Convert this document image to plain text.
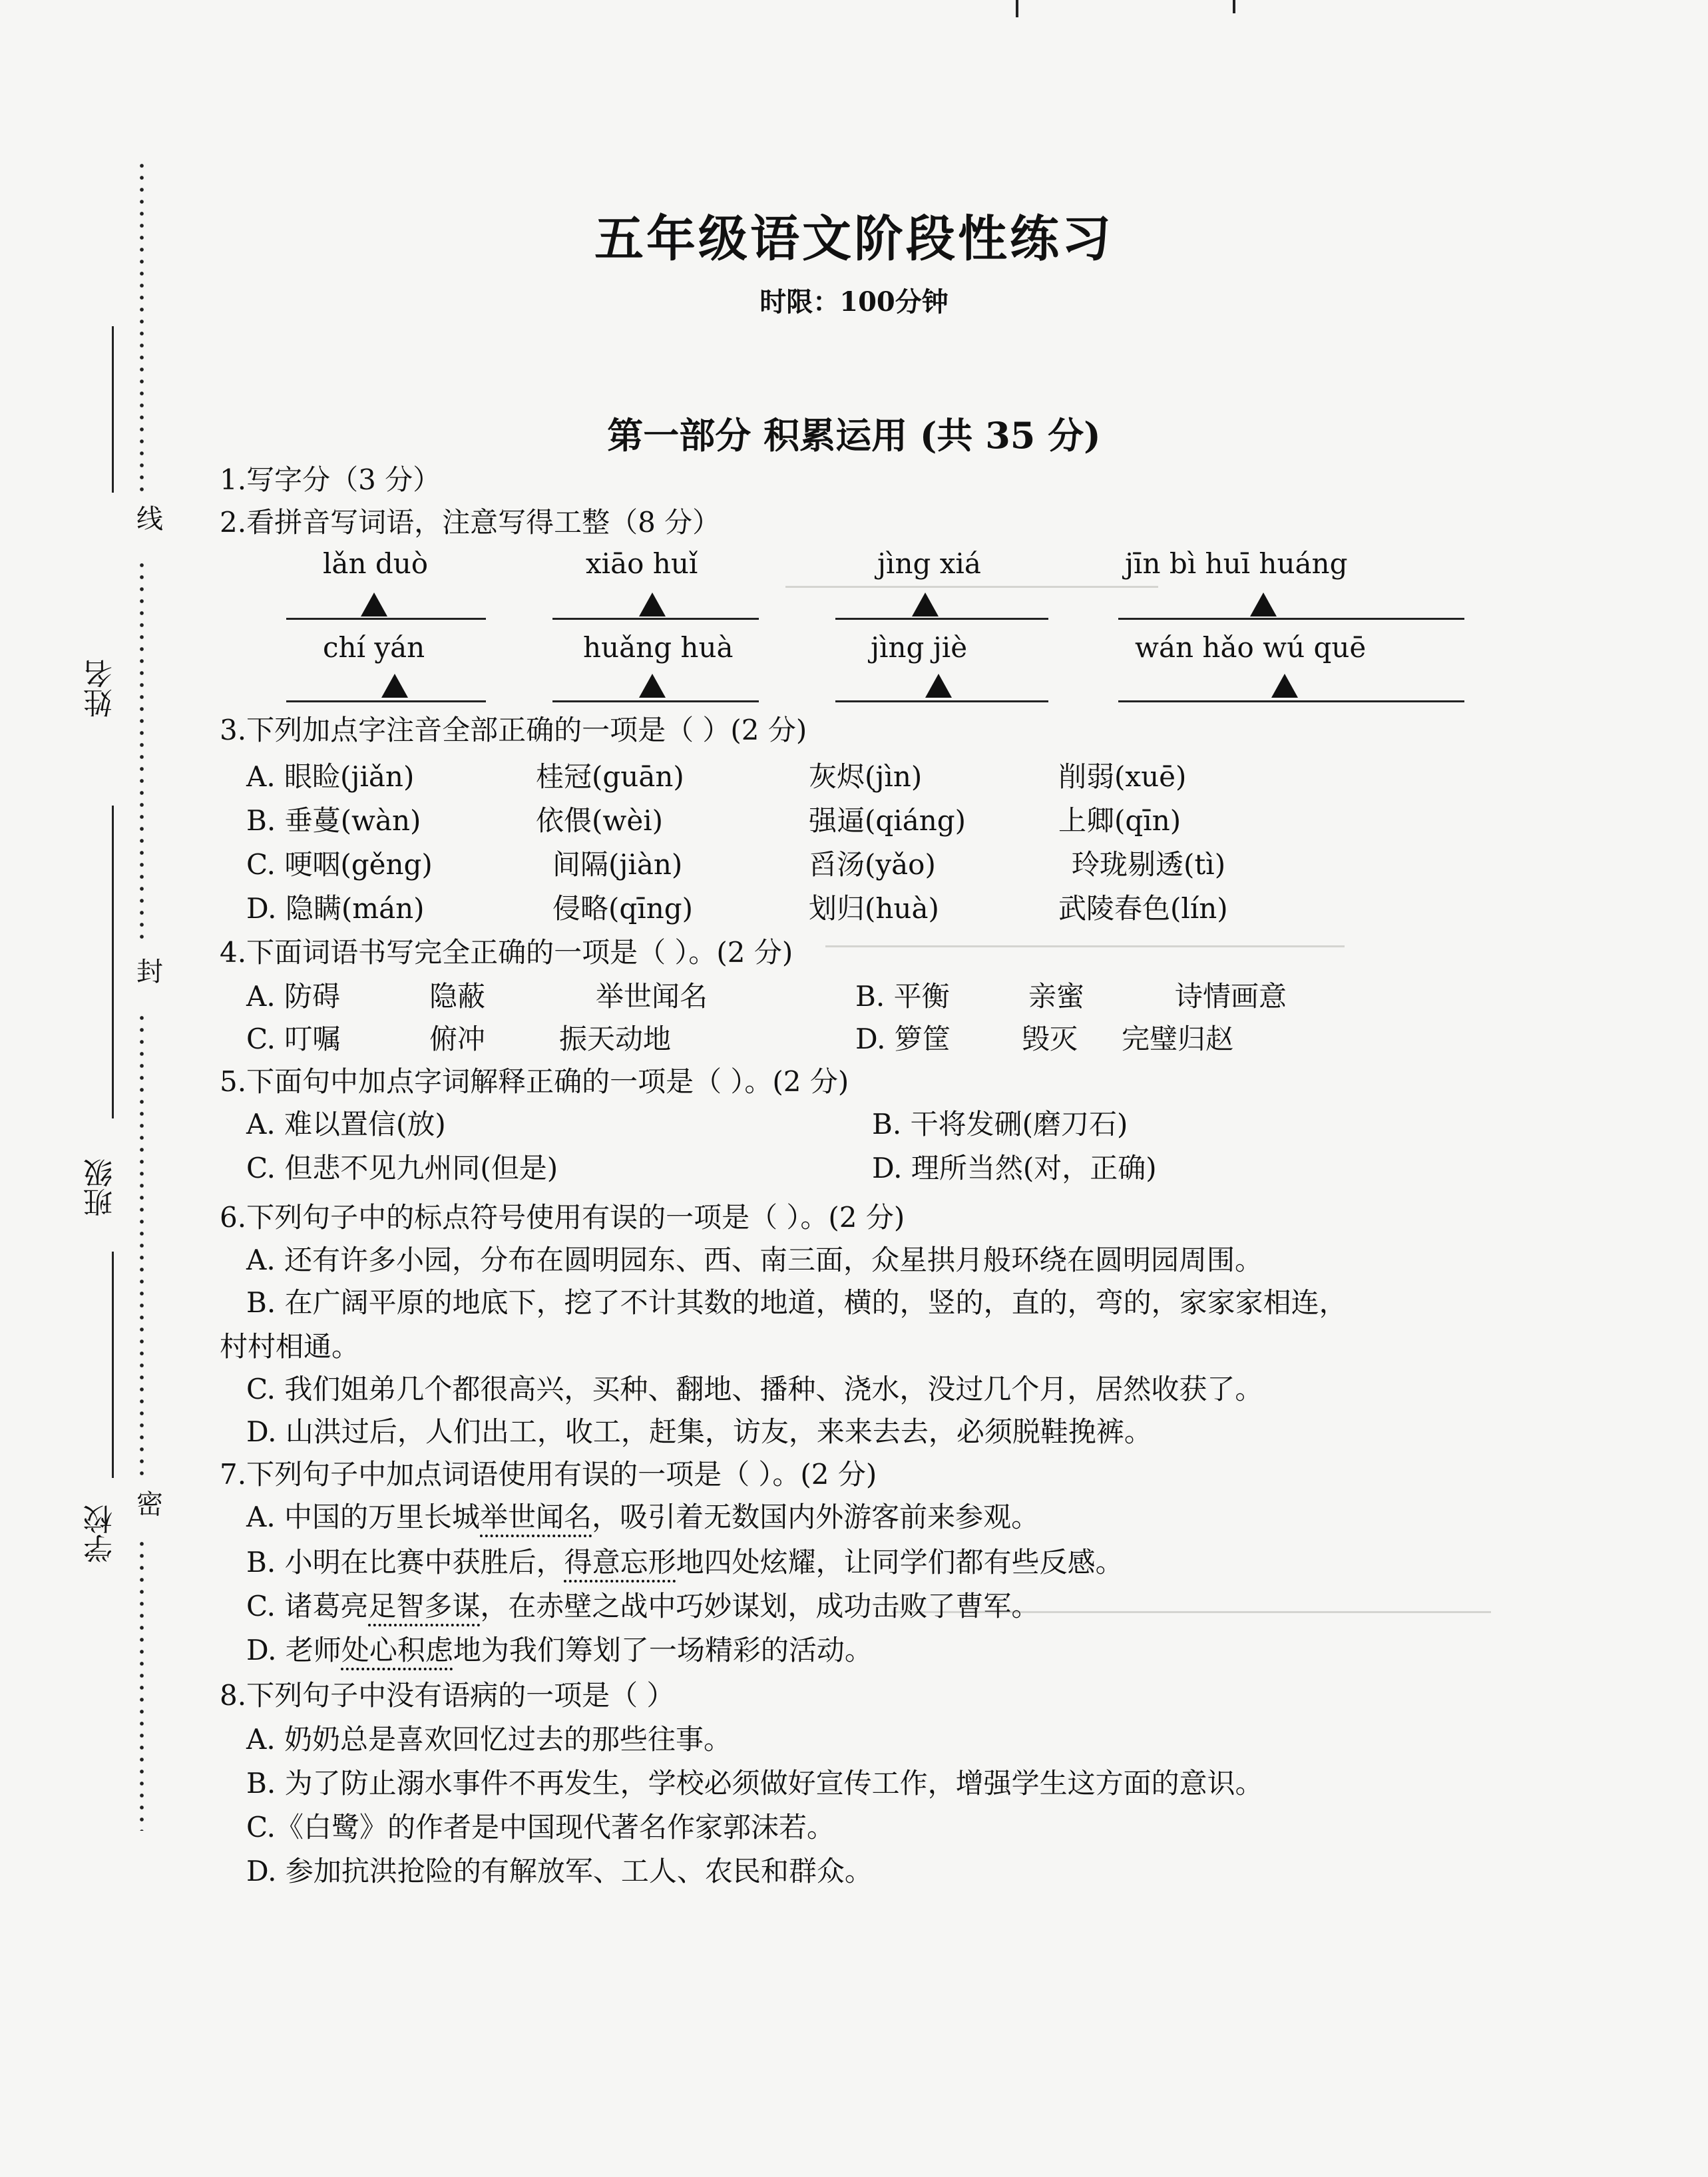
线
封
密
姓名
班级
学校
五年级语文阶段性练习
时限：100分钟
第一部分 积累运用 (共 35 分)
1.写字分（3 分）
2.看拼音写词语，注意写得工整（8 分）
lǎn duò	xiāo huǐ	jìng xiá	jīn bì huī huáng
chí yán	huǎng huà	jìng jiè	wán hǎo wú quē
3.下列加点字注音全部正确的一项是（ ）(2 分)
A. 眼睑(jiǎn)	桂冠(guān)	灰烬(jìn)	削弱(xuē)
B. 垂蔓(wàn)	依偎(wèi)	强逼(qiáng)	上卿(qīn)
C. 哽咽(gěng)	间隔(jiàn)	舀汤(yǎo)	玲珑剔透(tì)
D. 隐瞒(mán)	侵略(qīng)	划归(huà)	武陵春色(lín)
4.下面词语书写完全正确的一项是（ ）。(2 分)
A. 防碍	隐蔽	举世闻名	B. 平衡	亲蜜	诗情画意
C. 叮嘱	俯冲	振天动地	D. 箩筐	毁灭 完璧归赵
5.下面句中加点字词解释正确的一项是（ ）。(2 分)
A. 难以置信(放)	B. 干将发硎(磨刀石)
C. 但悲不见九州同(但是)	D. 理所当然(对，正确)
6.下列句子中的标点符号使用有误的一项是（ ）。(2 分)
A. 还有许多小园，分布在圆明园东、西、南三面，众星拱月般环绕在圆明园周围。
B. 在广阔平原的地底下，挖了不计其数的地道，横的，竖的，直的，弯的，家家家相连，
村村相通。
C. 我们姐弟几个都很高兴，买种、翻地、播种、浇水，没过几个月，居然收获了。
D. 山洪过后，人们出工，收工，赶集，访友，来来去去，必须脱鞋挽裤。
7.下列句子中加点词语使用有误的一项是（ ）。(2 分)
A. 中国的万里长城举世闻名，吸引着无数国内外游客前来参观。
B. 小明在比赛中获胜后，得意忘形地四处炫耀，让同学们都有些反感。
C. 诸葛亮足智多谋，在赤壁之战中巧妙谋划，成功击败了曹军。
D. 老师处心积虑地为我们筹划了一场精彩的活动。
8.下列句子中没有语病的一项是（ ）
A. 奶奶总是喜欢回忆过去的那些往事。
B. 为了防止溺水事件不再发生，学校必须做好宣传工作，增强学生这方面的意识。
C.《白鹭》的作者是中国现代著名作家郭沫若。
D. 参加抗洪抢险的有解放军、工人、农民和群众。
